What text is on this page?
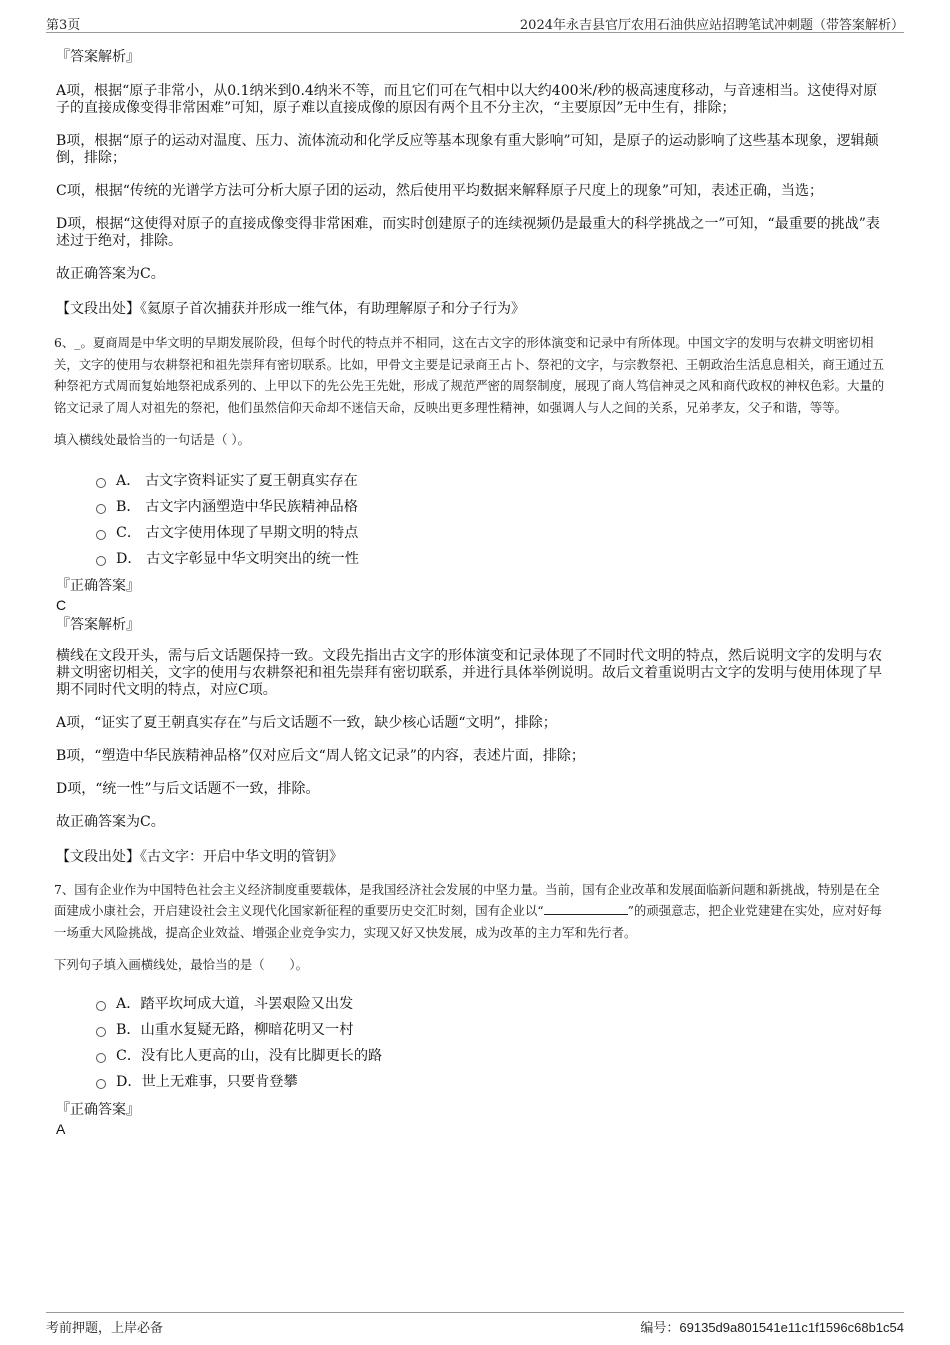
第3页	2024年永吉县官厅农用石油供应站招聘笔试冲刺题（带答案解析）
『答案解析』

A项，根据“原子非常小，从0.1纳米到0.4纳米不等，而且它们可在气相中以大约400米/秒的极高速度移动，与音速相当。这使得对原子的直接成像变得非常困难”可知，原子难以直接成像的原因有两个且不分主次，“主要原因”无中生有，排除；

B项，根据“原子的运动对温度、压力、流体流动和化学反应等基本现象有重大影响”可知，是原子的运动影响了这些基本现象，逻辑颠倒，排除；

C项，根据“传统的光谱学方法可分析大原子团的运动，然后使用平均数据来解释原子尺度上的现象”可知，表述正确，当选；

D项，根据“这使得对原子的直接成像变得非常困难，而实时创建原子的连续视频仍是最重大的科学挑战之一”可知，“最重要的挑战”表述过于绝对，排除。

故正确答案为C。

【文段出处】《氦原子首次捕获并形成一维气体，有助理解原子和分子行为》

6、_。夏商周是中华文明的早期发展阶段，但每个时代的特点并不相同，这在古文字的形体演变和记录中有所体现。中国文字的发明与农耕文明密切相关，文字的使用与农耕祭祀和祖先崇拜有密切联系。比如，甲骨文主要是记录商王占卜、祭祀的文字，与宗教祭祀、王朝政治生活息息相关，商王通过五种祭祀方式周而复始地祭祀成系列的、上甲以下的先公先王先妣，形成了规范严密的周祭制度，展现了商人笃信神灵之风和商代政权的神权色彩。大量的铭文记录了周人对祖先的祭祀，他们虽然信仰天命却不迷信天命，反映出更多理性精神，如强调人与人之间的关系，兄弟孝友，父子和谐，等等。

填入横线处最恰当的一句话是（ ）。

A． 古文字资料证实了夏王朝真实存在
B． 古文字内涵塑造中华民族精神品格
C． 古文字使用体现了早期文明的特点
D． 古文字彰显中华文明突出的统一性
『正确答案』

C

『答案解析』

横线在文段开头，需与后文话题保持一致。文段先指出古文字的形体演变和记录体现了不同时代文明的特点，然后说明文字的发明与农耕文明密切相关，文字的使用与农耕祭祀和祖先崇拜有密切联系，并进行具体举例说明。故后文着重说明古文字的发明与使用体现了早期不同时代文明的特点，对应C项。

A项，“证实了夏王朝真实存在”与后文话题不一致，缺少核心话题“文明”，排除；

B项，“塑造中华民族精神品格”仅对应后文“周人铭文记录”的内容，表述片面，排除；

D项，“统一性”与后文话题不一致，排除。

故正确答案为C。

【文段出处】《古文字：开启中华文明的管钥》

7、国有企业作为中国特色社会主义经济制度重要载体，是我国经济社会发展的中坚力量。当前，国有企业改革和发展面临新问题和新挑战，特别是在全面建成小康社会，开启建设社会主义现代化国家新征程的重要历史交汇时刻，国有企业以“	”的顽强意志，把企业党建建在实处，应对好每一场重大风险挑战，提高企业效益、增强企业竞争实力，实现又好又快发展，成为改革的主力军和先行者。

下列句子填入画横线处，最恰当的是（　　）。

A．踏平坎坷成大道，斗罢艰险又出发
B．山重水复疑无路，柳暗花明又一村
C．没有比人更高的山，没有比脚更长的路
D．世上无难事，只要肯登攀
『正确答案』

A

考前押题，上岸必备	编号：69135d9a801541e11c1f1596c68b1c54
